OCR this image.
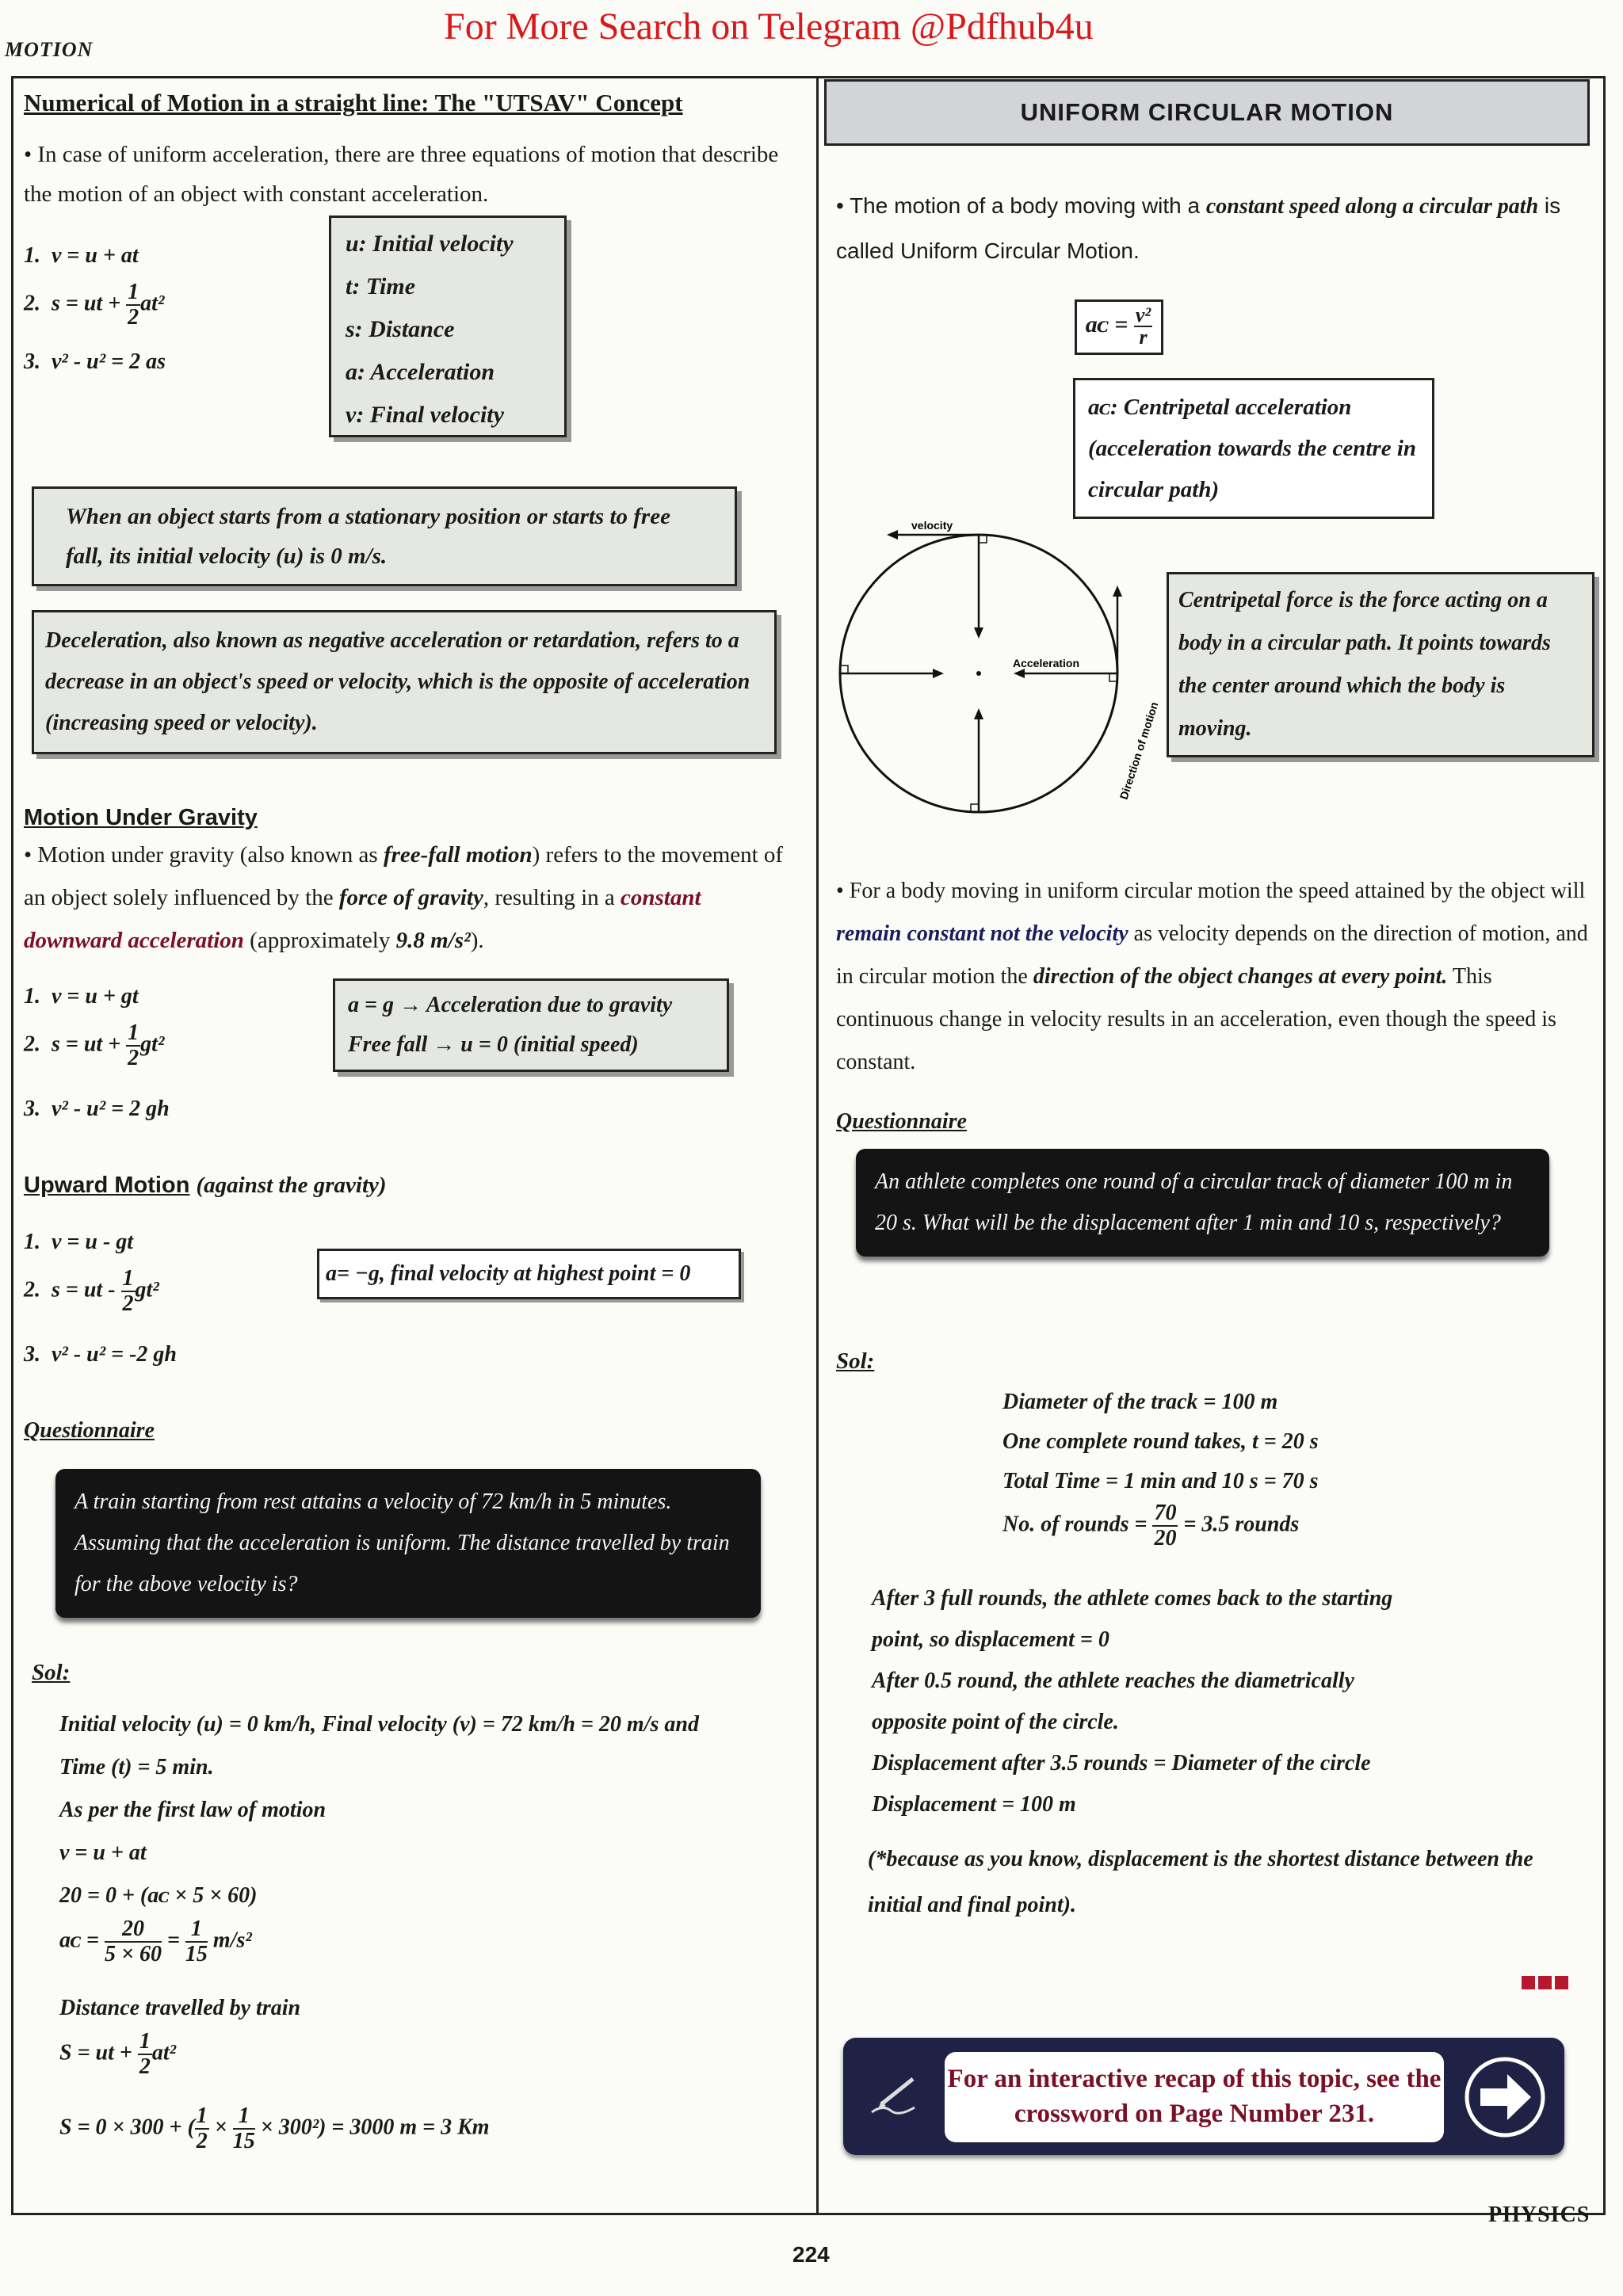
For More Search on Telegram @Pdfhub4u
MOTION
Numerical of Motion in a straight line: The "UTSAV" Concept
• In case of uniform acceleration, there are three equations of motion that describe the motion of an object with constant acceleration.
1. v = u + at
2. s = ut + $\frac{1}{2} at^2$
3. v² - u² = 2 as
u: Initial velocity
t: Time
s: Distance
a: Acceleration
v: Final velocity
When an object starts from a stationary position or starts to free fall, its initial velocity (u) is 0 m/s.
Deceleration, also known as negative acceleration or retardation, refers to a decrease in an object's speed or velocity, which is the opposite of acceleration (increasing speed or velocity).
Motion Under Gravity
• Motion under gravity (also known as free-fall motion) refers to the movement of an object solely influenced by the force of gravity, resulting in a constant downward acceleration (approximately 9.8 m/s²).
1. v = u + gt
2. s = ut + $\frac{1}{2} gt^2$
3. v² - u² = 2 gh
a = g → Acceleration due to gravity
Free fall → u = 0 (initial speed)
Upward Motion (against the gravity)
1. v = u - gt
2. s = ut - $\frac{1}{2} gt^2$
3. v² - u² = -2 gh
a= −g, final velocity at highest point = 0
Questionnaire
A train starting from rest attains a velocity of 72 km/h in 5 minutes. Assuming that the acceleration is uniform. The distance travelled by train for the above velocity is?
Sol:
Initial velocity (u) = 0 km/h, Final velocity (v) = 72 km/h = 20 m/s and
Time (t) = 5 min.
As per the first law of motion
v = u + at
20 = 0 + (aᴄ × 5 × 60)
aᴄ = $\frac{20}{5 \times 60} = \frac{1}{15} m/s^2$
Distance travelled by train
S = ut + $\frac{1}{2} at^2$
S = 0 × 300 + ( $\frac{1}{2} \times \frac{1}{15} \times 300^2) = 3000$ m = 3 Km
UNIFORM CIRCULAR MOTION
• The motion of a body moving with a constant speed along a circular path is called Uniform Circular Motion.
aᴄ = $\frac{\text{v²}}{r}$
aᴄ: Centripetal acceleration (acceleration towards the centre in circular path)
velocity
Acceleration
Direction of motion
Centripetal force is the force acting on a body in a circular path. It points towards the center around which the body is moving.
• For a body moving in uniform circular motion the speed attained by the object will remain constant not the velocity as velocity depends on the direction of motion, and in circular motion the direction of the object changes at every point. This continuous change in velocity results in an acceleration, even though the speed is constant.
Questionnaire
An athlete completes one round of a circular track of diameter 100 m in 20 s. What will be the displacement after 1 min and 10 s, respectively?
Sol:
Diameter of the track = 100 m
One complete round takes, t = 20 s
Total Time = 1 min and 10 s = 70 s
No. of rounds = $\frac{70}{20} = 3.5$ rounds
After 3 full rounds, the athlete comes back to the starting
point, so displacement = 0
After 0.5 round, the athlete reaches the diametrically
opposite point of the circle.
Displacement after 3.5 rounds = Diameter of the circle
Displacement = 100 m
(*because as you know, displacement is the shortest distance between the initial and final point).
For an interactive recap of this topic, see the crossword on Page Number 231.
PHYSICS
224
